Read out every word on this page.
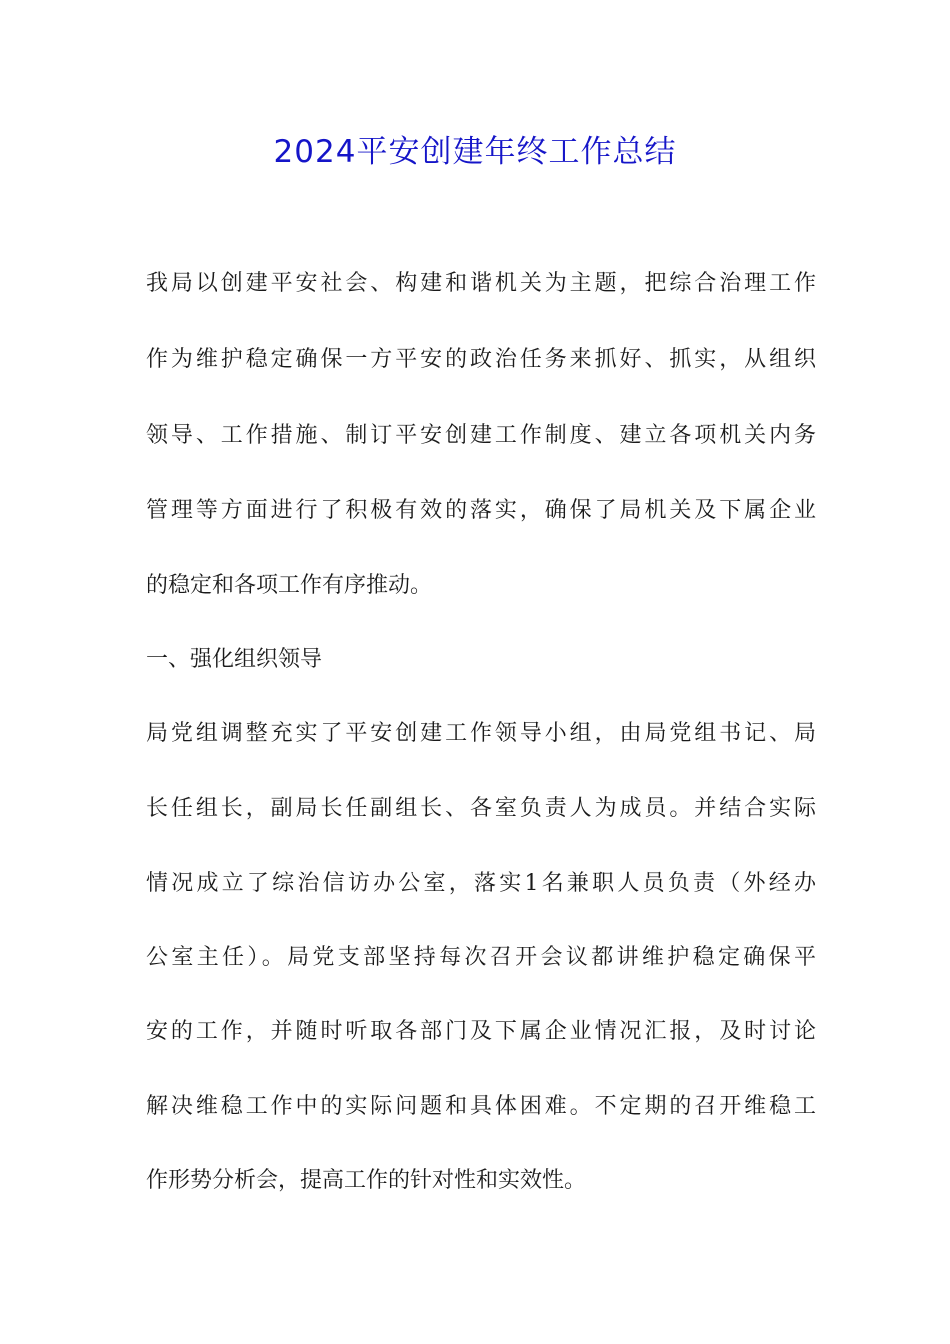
2024平安创建年终工作总结

我局以创建平安社会、构建和谐机关为主题，把综合治理工作

作为维护稳定确保一方平安的政治任务来抓好、抓实，从组织

领导、工作措施、制订平安创建工作制度、建立各项机关内务

管理等方面进行了积极有效的落实，确保了局机关及下属企业

的稳定和各项工作有序推动。

一、强化组织领导

局党组调整充实了平安创建工作领导小组，由局党组书记、局

长任组长，副局长任副组长、各室负责人为成员。并结合实际

情况成立了综治信访办公室，落实1名兼职人员负责（外经办

公室主任）。局党支部坚持每次召开会议都讲维护稳定确保平

安的工作，并随时听取各部门及下属企业情况汇报，及时讨论

解决维稳工作中的实际问题和具体困难。不定期的召开维稳工

作形势分析会，提高工作的针对性和实效性。
